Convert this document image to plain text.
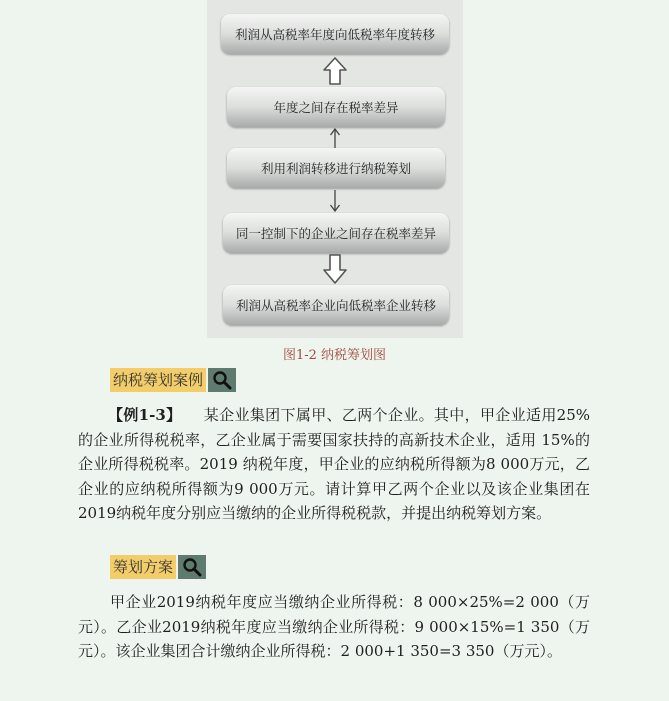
利润从高税率年度向低税率年度转移
年度之间存在税率差异
利用利润转移进行纳税筹划
同一控制下的企业之间存在税率差异
利润从高税率企业向低税率企业转移
图1-2 纳税筹划图
纳税筹划案例

【例1-3】 某企业集团下属甲、乙两个企业。其中，甲企业适用25%的企业所得税税率，乙企业属于需要国家扶持的高新技术企业，适用 15%的企业所得税税率。2019 纳税年度，甲企业的应纳税所得额为8 000万元，乙企业的应纳税所得额为9 000万元。请计算甲乙两个企业以及该企业集团在2019纳税年度分别应当缴纳的企业所得税税款，并提出纳税筹划方案。

筹划方案

甲企业2019纳税年度应当缴纳企业所得税：8 000×25%=2 000（万元）。乙企业2019纳税年度应当缴纳企业所得税：9 000×15%=1 350（万元）。该企业集团合计缴纳企业所得税：2 000+1 350=3 350（万元）。
